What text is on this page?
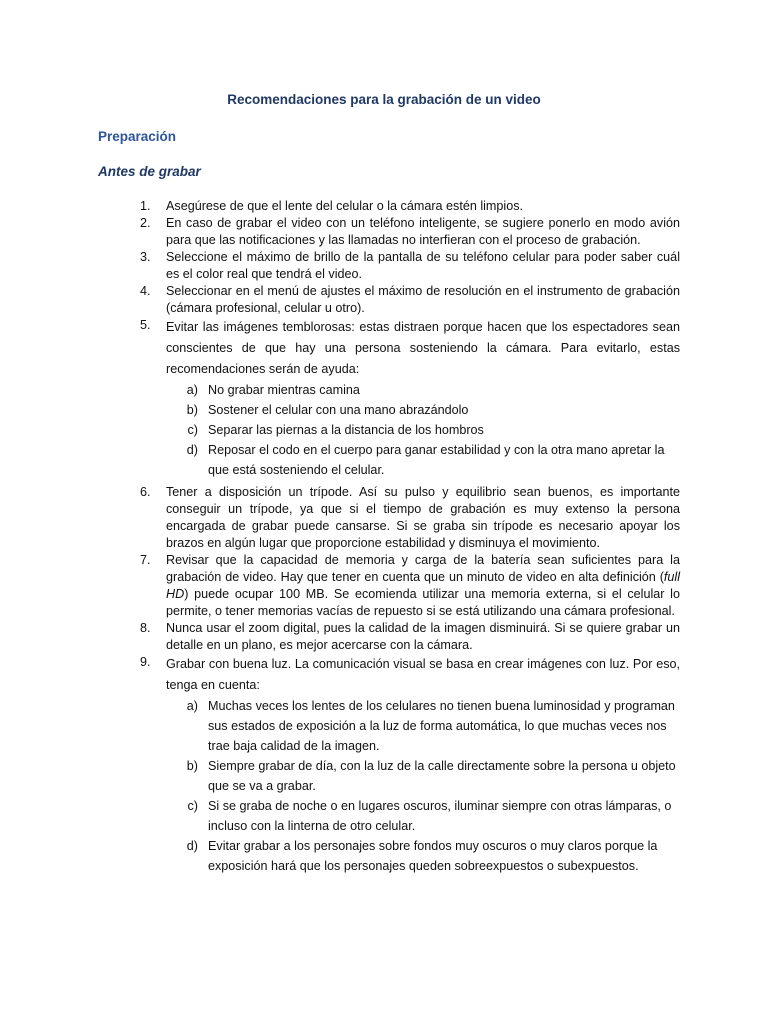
Recomendaciones para la grabación de un video
Preparación
Antes de grabar
1.	Asegúrese de que el lente del celular o la cámara estén limpios.
2.	En caso de grabar el video con un teléfono inteligente, se sugiere ponerlo en modo avión para que las notificaciones y las llamadas no interfieran con el proceso de grabación.
3.	Seleccione el máximo de brillo de la pantalla de su teléfono celular para poder saber cuál es el color real que tendrá el video.
4.	Seleccionar en el menú de ajustes el máximo de resolución en el instrumento de grabación (cámara profesional, celular u otro).
5.	Evitar las imágenes temblorosas: estas distraen porque hacen que los espectadores sean conscientes de que hay una persona sosteniendo la cámara. Para evitarlo, estas recomendaciones serán de ayuda:
a) No grabar mientras camina
b) Sostener el celular con una mano abrazándolo
c) Separar las piernas a la distancia de los hombros
d) Reposar el codo en el cuerpo para ganar estabilidad y con la otra mano apretar la que está sosteniendo el celular.
6.	Tener a disposición un trípode. Así su pulso y equilibrio sean buenos, es importante conseguir un trípode, ya que si el tiempo de grabación es muy extenso la persona encargada de grabar puede cansarse. Si se graba sin trípode es necesario apoyar los brazos en algún lugar que proporcione estabilidad y disminuya el movimiento.
7.	Revisar que la capacidad de memoria y carga de la batería sean suficientes para la grabación de video. Hay que tener en cuenta que un minuto de video en alta definición (full HD) puede ocupar 100 MB. Se ecomienda utilizar una memoria externa, si el celular lo permite, o tener memorias vacías de repuesto si se está utilizando una cámara profesional.
8.	Nunca usar el zoom digital, pues la calidad de la imagen disminuirá. Si se quiere grabar un detalle en un plano, es mejor acercarse con la cámara.
9.	Grabar con buena luz. La comunicación visual se basa en crear imágenes con luz. Por eso, tenga en cuenta:
a) Muchas veces los lentes de los celulares no tienen buena luminosidad y programan sus estados de exposición a la luz de forma automática, lo que muchas veces nos trae baja calidad de la imagen.
b) Siempre grabar de día, con la luz de la calle directamente sobre la persona u objeto que se va a grabar.
c) Si se graba de noche o en lugares oscuros, iluminar siempre con otras lámparas, o incluso con la linterna de otro celular.
d) Evitar grabar a los personajes sobre fondos muy oscuros o muy claros porque la exposición hará que los personajes queden sobreexpuestos o subexpuestos.
